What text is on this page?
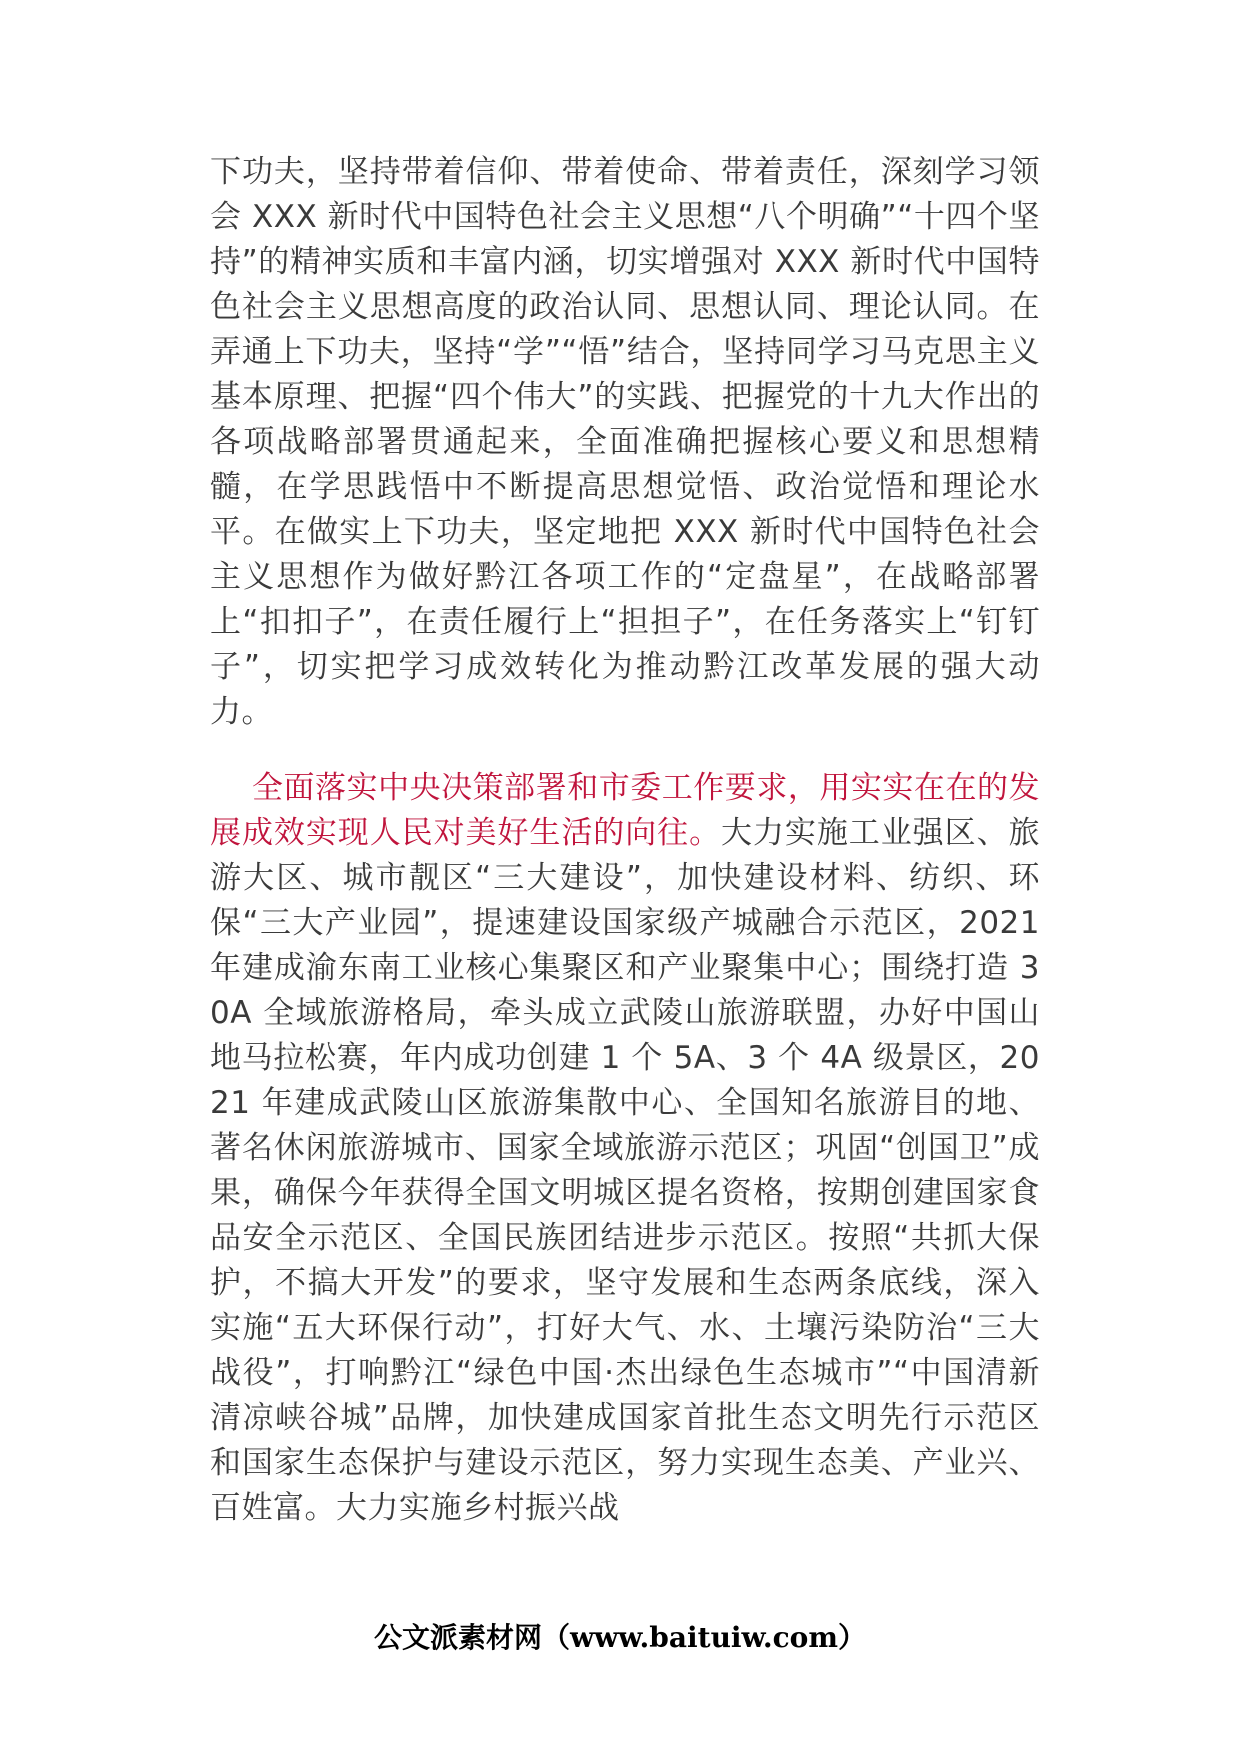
下功夫，坚持带着信仰、带着使命、带着责任，深刻学习领会 XXX 新时代中国特色社会主义思想“八个明确”“十四个坚持”的精神实质和丰富内涵，切实增强对 XXX 新时代中国特色社会主义思想高度的政治认同、思想认同、理论认同。在弄通上下功夫，坚持“学”“悟”结合，坚持同学习马克思主义基本原理、把握“四个伟大”的实践、把握党的十九大作出的各项战略部署贯通起来，全面准确把握核心要义和思想精髓，在学思践悟中不断提高思想觉悟、政治觉悟和理论水平。在做实上下功夫，坚定地把 XXX 新时代中国特色社会主义思想作为做好黔江各项工作的“定盘星”，在战略部署上“扣扣子”，在责任履行上“担担子”，在任务落实上“钉钉子”，切实把学习成效转化为推动黔江改革发展的强大动力。

全面落实中央决策部署和市委工作要求，用实实在在的发展成效实现人民对美好生活的向往。大力实施工业强区、旅游大区、城市靓区“三大建设”，加快建设材料、纺织、环保“三大产业园”，提速建设国家级产城融合示范区，2021 年建成渝东南工业核心集聚区和产业聚集中心；围绕打造 30A 全域旅游格局，牵头成立武陵山旅游联盟，办好中国山地马拉松赛，年内成功创建 1 个 5A、3 个 4A 级景区，2021 年建成武陵山区旅游集散中心、全国知名旅游目的地、著名休闲旅游城市、国家全域旅游示范区；巩固“创国卫”成果，确保今年获得全国文明城区提名资格，按期创建国家食品安全示范区、全国民族团结进步示范区。按照“共抓大保护，不搞大开发”的要求，坚守发展和生态两条底线，深入实施“五大环保行动”，打好大气、水、土壤污染防治“三大战役”，打响黔江“绿色中国·杰出绿色生态城市”“中国清新清凉峡谷城”品牌，加快建成国家首批生态文明先行示范区和国家生态保护与建设示范区，努力实现生态美、产业兴、百姓富。大力实施乡村振兴战

公文派素材网（www.baituiw.com）
